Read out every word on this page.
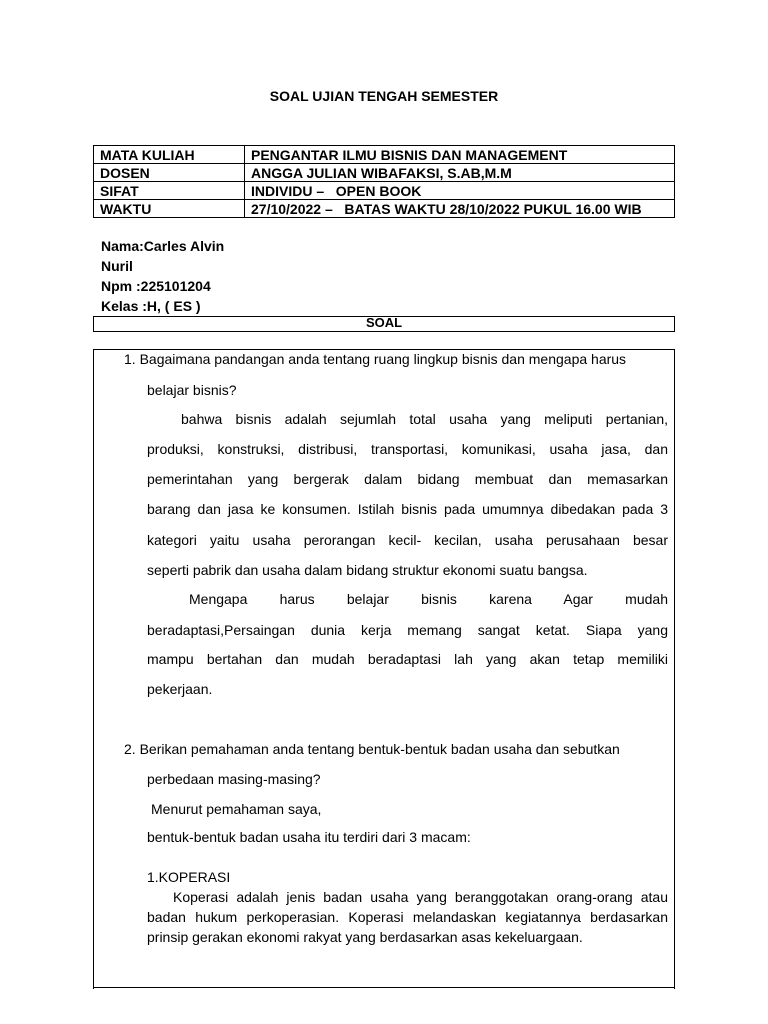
SOAL UJIAN TENGAH SEMESTER
MATA KULIAH	PENGANTAR ILMU BISNIS DAN MANAGEMENT
DOSEN	ANGGA JULIAN WIBAFAKSI, S.AB,M.M
SIFAT	INDIVIDU –   OPEN BOOK
WAKTU	27/10/2022 –   BATAS WAKTU 28/10/2022 PUKUL 16.00 WIB
Nama:Carles Alvin
Nuril
Npm :225101204
Kelas :H, ( ES )
SOAL
1. Bagaimana pandangan anda tentang ruang lingkup bisnis dan mengapa harus
belajar bisnis?
bahwa bisnis adalah sejumlah total usaha yang meliputi pertanian,
produksi, konstruksi, distribusi, transportasi, komunikasi, usaha jasa, dan
pemerintahan yang bergerak dalam bidang membuat dan memasarkan
barang dan jasa ke konsumen. Istilah bisnis pada umumnya dibedakan pada 3
kategori yaitu usaha perorangan kecil- kecilan, usaha perusahaan besar
seperti pabrik dan usaha dalam bidang struktur ekonomi suatu bangsa.
Mengapa harus belajar bisnis karena Agar mudah
beradaptasi,Persaingan dunia kerja memang sangat ketat. Siapa yang
mampu bertahan dan mudah beradaptasi lah yang akan tetap memiliki
pekerjaan.
2. Berikan pemahaman anda tentang bentuk-bentuk badan usaha dan sebutkan
perbedaan masing-masing?
Menurut pemahaman saya,
bentuk-bentuk badan usaha itu terdiri dari 3 macam:
1.KOPERASI
Koperasi adalah jenis badan usaha yang beranggotakan orang-orang atau badan hukum perkoperasian. Koperasi melandaskan kegiatannya berdasarkan prinsip gerakan ekonomi rakyat yang berdasarkan asas kekeluargaan.
